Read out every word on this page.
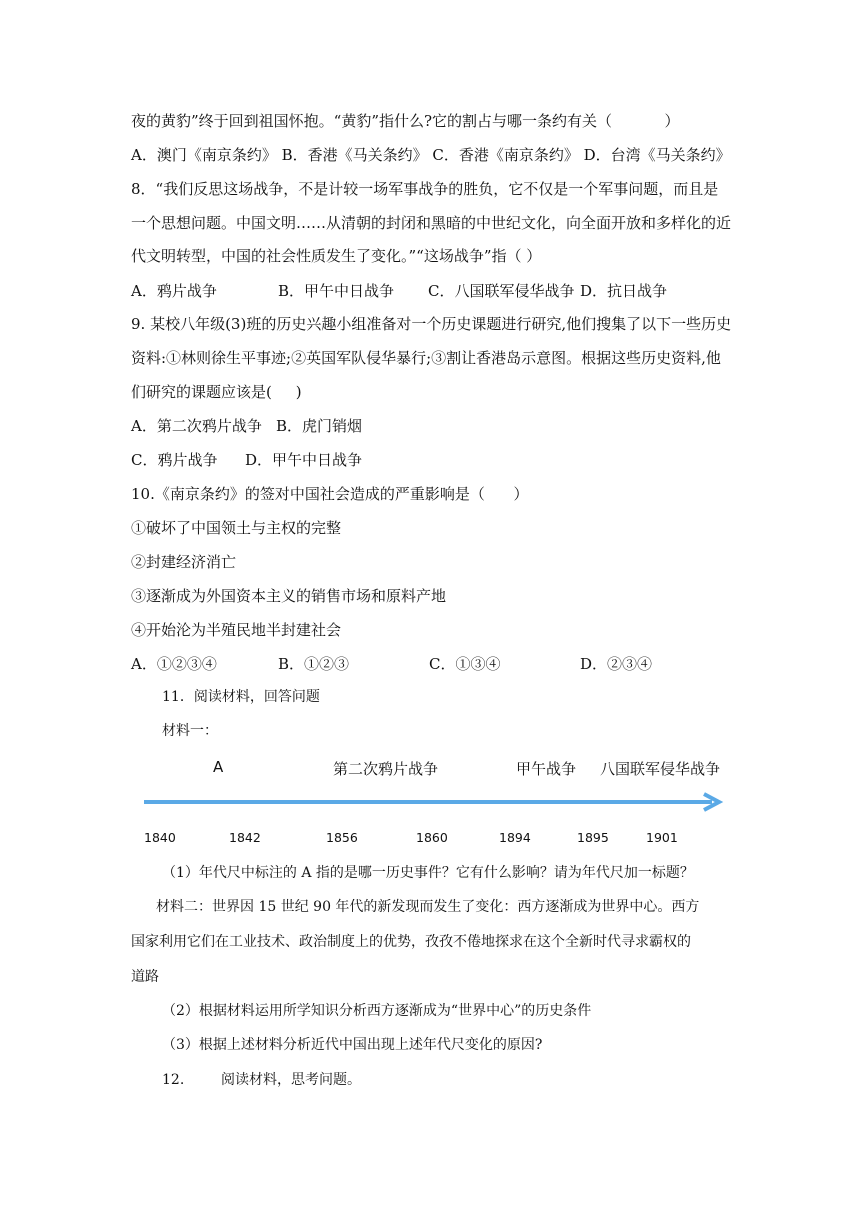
夜的黄豹”终于回到祖国怀抱。“黄豹”指什么?它的割占与哪一条约有关（           ）
A．澳门《南京条约》 B．香港《马关条约》 C．香港《南京条约》 D．台湾《马关条约》
8．“我们反思这场战争，不是计较一场军事战争的胜负，它不仅是一个军事问题，而且是
一个思想问题。中国文明……从清朝的封闭和黑暗的中世纪文化，向全面开放和多样化的近
代文明转型，中国的社会性质发生了变化。”“这场战争”指（ ）
A．鸦片战争	B．甲午中日战争 C．八国联军侵华战争 D．抗日战争
9. 某校八年级(3)班的历史兴趣小组准备对一个历史课题进行研究,他们搜集了以下一些历史
资料:①林则徐生平事迹;②英国军队侵华暴行;③割让香港岛示意图。根据这些历史资料,他
们研究的课题应该是(     )
A．第二次鸦片战争 B．虎门销烟
C．鸦片战争 D．甲午中日战争
10.《南京条约》的签对中国社会造成的严重影响是（      ）
①破坏了中国领土与主权的完整
②封建经济消亡
③逐渐成为外国资本主义的销售市场和原料产地
④开始沦为半殖民地半封建社会
A．①②③④	B．①②③	C．①③④	D．②③④
11．阅读材料，回答问题
材料一：
A	第二次鸦片战争	甲午战争 八国联军侵华战争
1840	1842	1856	1860	1894	1895	1901
（1）年代尺中标注的 A 指的是哪一历史事件？它有什么影响？请为年代尺加一标题？
材料二：世界因 15 世纪 90 年代的新发现而发生了变化：西方逐渐成为世界中心。西方
国家利用它们在工业技术、政治制度上的优势，孜孜不倦地探求在这个全新时代寻求霸权的
道路
（2）根据材料运用所学知识分析西方逐渐成为“世界中心”的历史条件
（3）根据上述材料分析近代中国出现上述年代尺变化的原因?
12.	阅读材料，思考问题。
